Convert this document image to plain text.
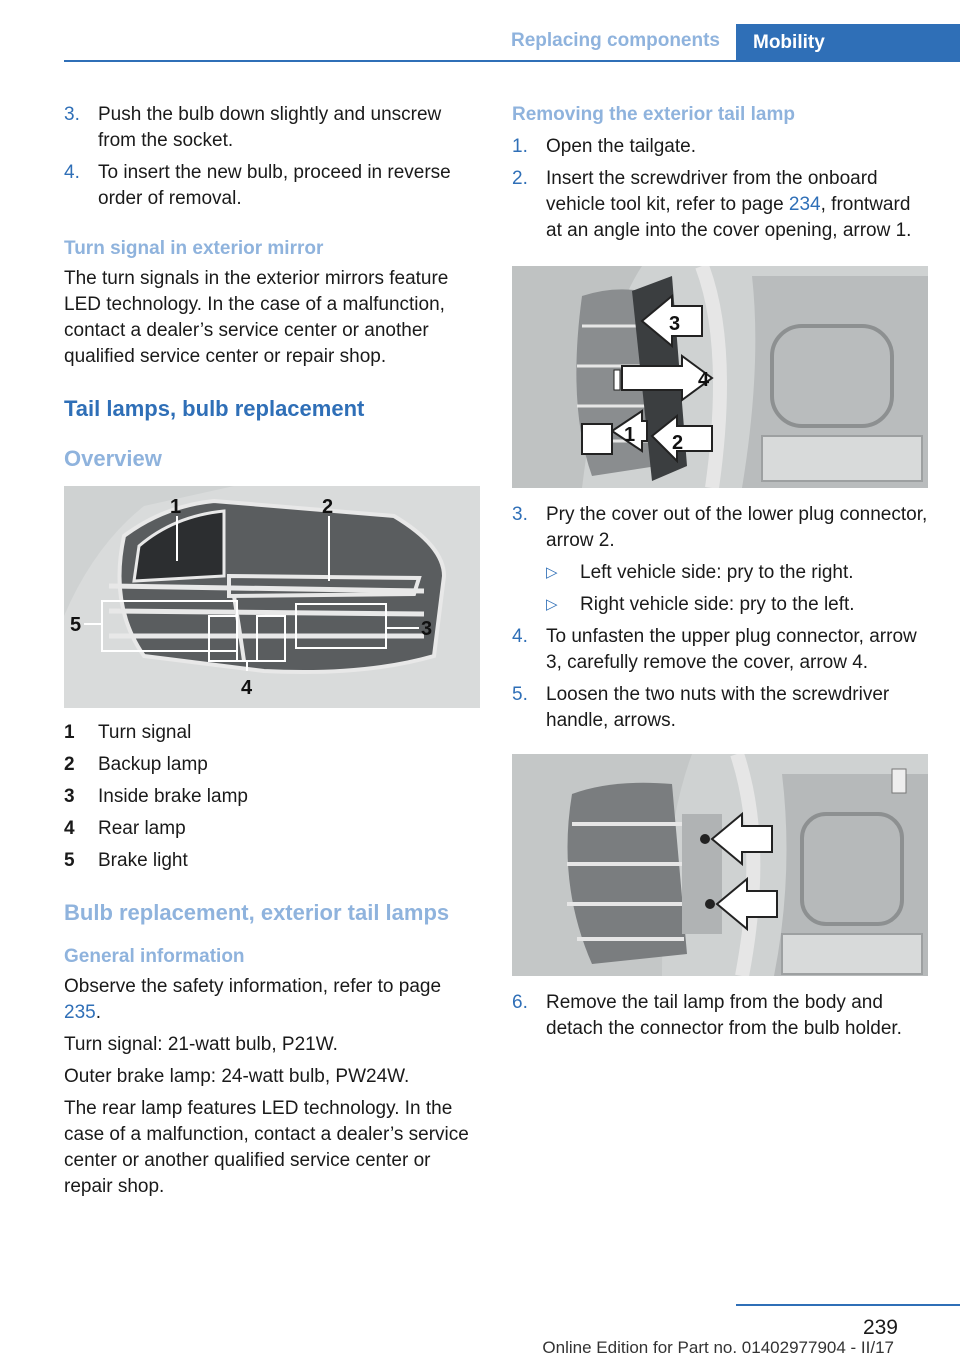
Replacing components Mobility
3. Push the bulb down slightly and unscrew from the socket.
4. To insert the new bulb, proceed in reverse order of removal.
Turn signal in exterior mirror

The turn signals in the exterior mirrors feature LED technology. In the case of a malfunction, contact a dealer’s service center or another qualified service center or repair shop.

Tail lamps, bulb replacement
Overview
1	2
3
4
5
1	Turn signal
2	Backup lamp
3	Inside brake lamp
4	Rear lamp
5	Brake light
Bulb replacement, exterior tail lamps
General information

Observe the safety information, refer to page 235.

Turn signal: 21-watt bulb, P21W.

Outer brake lamp: 24-watt bulb, PW24W.

The rear lamp features LED technology. In the case of a malfunction, contact a dealer’s service center or another qualified service center or repair shop.

Removing the exterior tail lamp
1. Open the tailgate.
2. Insert the screwdriver from the onboard vehicle tool kit, refer to page 234, frontward at an angle into the cover opening, arrow 1.
3
4
1 2
3. Pry the cover out of the lower plug connector, arrow 2.
▷	Left vehicle side: pry to the right.
▷	Right vehicle side: pry to the left.
4. To unfasten the upper plug connector, arrow 3, carefully remove the cover, arrow 4.
5. Loosen the two nuts with the screwdriver handle, arrows.
6. Remove the tail lamp from the body and detach the connector from the bulb holder.
239
Online Edition for Part no. 01402977904 - II/17
